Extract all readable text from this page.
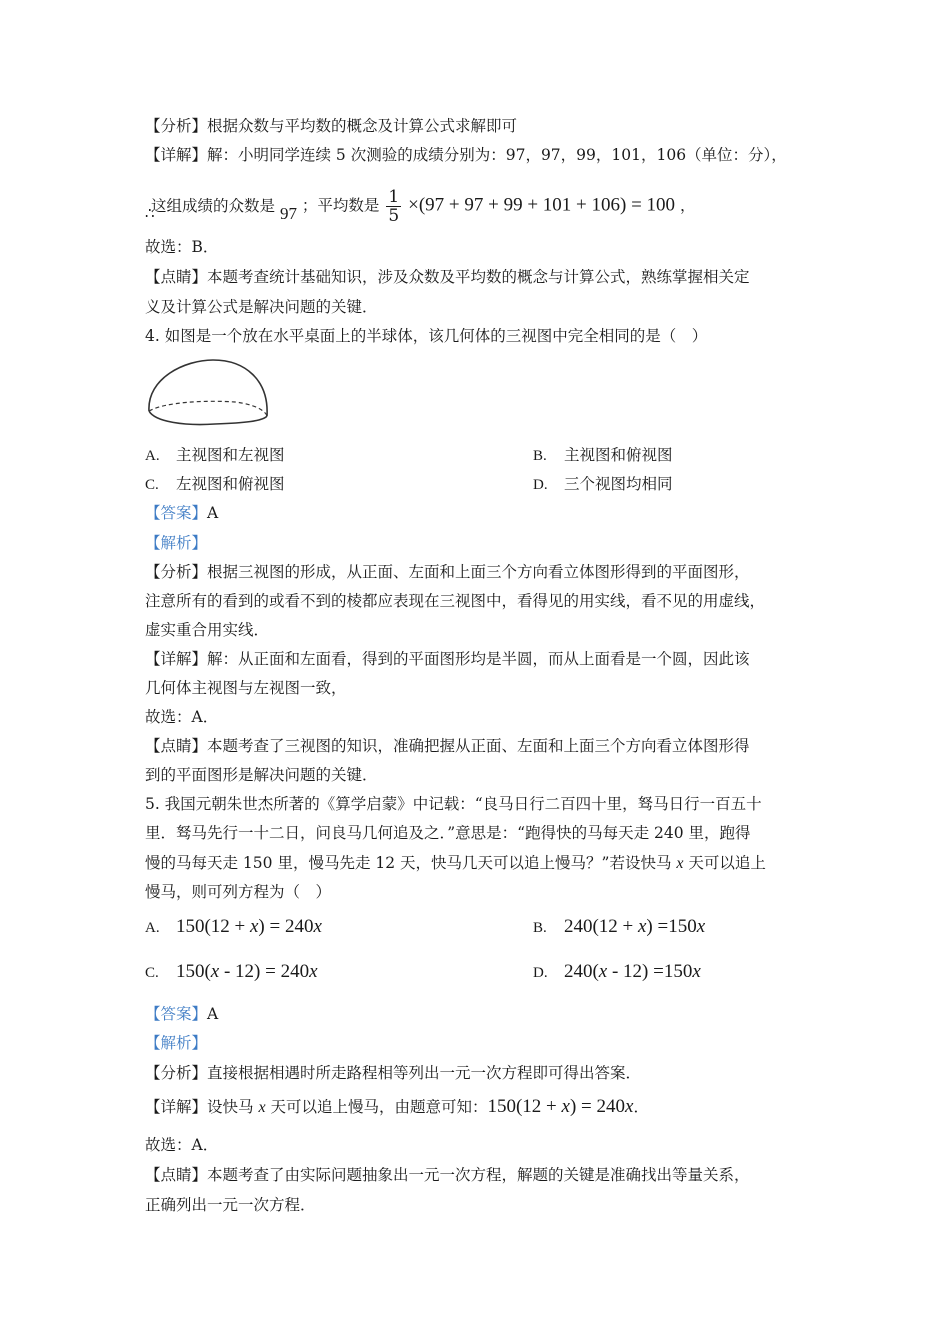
【分析】根据众数与平均数的概念及计算公式求解即可
【详解】解：小明同学连续 5 次测验的成绩分别为：97，97，99，101，106（单位：分），
这组成绩的众数是 97 ；平均数是 $\frac{1}{5} \times(97 + 97 + 99 + 101 + 106) = 100$ ，
∴
故选：B．
【点睛】本题考查统计基础知识，涉及众数及平均数的概念与计算公式，熟练掌握相关定
义及计算公式是解决问题的关键．
4. 如图是一个放在水平桌面上的半球体，该几何体的三视图中完全相同的是（　）
A. 主视图和左视图	B. 主视图和俯视图
C. 左视图和俯视图	D. 三个视图均相同
【答案】A
【解析】
【分析】根据三视图的形成，从正面、左面和上面三个方向看立体图形得到的平面图形，
注意所有的看到的或看不到的棱都应表现在三视图中，看得见的用实线，看不见的用虚线，
虚实重合用实线．
【详解】解：从正面和左面看，得到的平面图形均是半圆，而从上面看是一个圆，因此该
几何体主视图与左视图一致，
故选：A．
【点睛】本题考查了三视图的知识，准确把握从正面、左面和上面三个方向看立体图形得
到的平面图形是解决问题的关键．
5. 我国元朝朱世杰所著的《算学启蒙》中记载：“良马日行二百四十里，驽马日行一百五十
里．驽马先行一十二日，问良马几何追及之．”意思是：“跑得快的马每天走 240 里，跑得
慢的马每天走 150 里，慢马先走 12 天，快马几天可以追上慢马？”若设快马 x 天可以追上
慢马，则可列方程为（　）
A. 150(12 + x) = 240x	B. 240(12 + x) =150x
C. 150(x - 12) = 240x	D. 240(x - 12) =150x
【答案】A
【解析】
【分析】直接根据相遇时所走路程相等列出一元一次方程即可得出答案．
【详解】设快马 x 天可以追上慢马，由题意可知：150(12 + x) = 240x．
故选：A．
【点睛】本题考查了由实际问题抽象出一元一次方程，解题的关键是准确找出等量关系，
正确列出一元一次方程．
